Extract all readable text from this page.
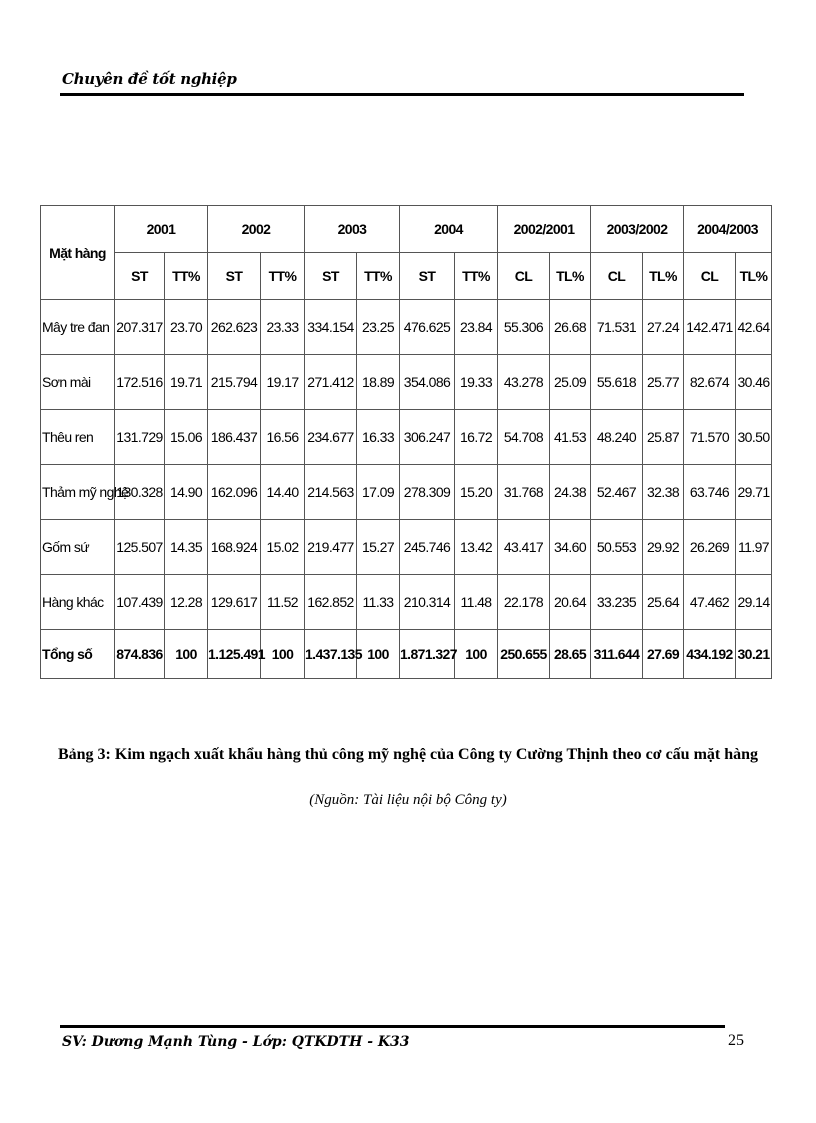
Chuyên đề tốt nghiệp
Mặt hàng	2001		2002		2003		2004		2002/2001		2003/2002		2004/2003	
	ST	TT%	ST	TT%	ST	TT%	ST	TT%	CL	TL%	CL	TL%	CL	TL%
Mây tre đan	207.317	23.70	262.623	23.33	334.154	23.25	476.625	23.84	55.306	26.68	71.531	27.24	142.471	42.64
Sơn mài	172.516	19.71	215.794	19.17	271.412	18.89	354.086	19.33	43.278	25.09	55.618	25.77	82.674	30.46
Thêu ren	131.729	15.06	186.437	16.56	234.677	16.33	306.247	16.72	54.708	41.53	48.240	25.87	71.570	30.50
Thảm mỹ nghệ	130.328	14.90	162.096	14.40	214.563	17.09	278.309	15.20	31.768	24.38	52.467	32.38	63.746	29.71
Gốm sứ	125.507	14.35	168.924	15.02	219.477	15.27	245.746	13.42	43.417	34.60	50.553	29.92	26.269	11.97
Hàng khác	107.439	12.28	129.617	11.52	162.852	11.33	210.314	11.48	22.178	20.64	33.235	25.64	47.462	29.14
Tổng số	874.836	100	1.125.491	100	1.437.135	100	1.871.327	100	250.655	28.65	311.644	27.69	434.192	30.21
Bảng 3: Kim ngạch xuất khẩu hàng thủ công mỹ nghệ của Công ty Cường Thịnh theo cơ cấu mặt hàng
(Nguồn: Tài liệu nội bộ Công ty)
SV: Dương Mạnh Tùng - Lớp: QTKDTH - K33	25
